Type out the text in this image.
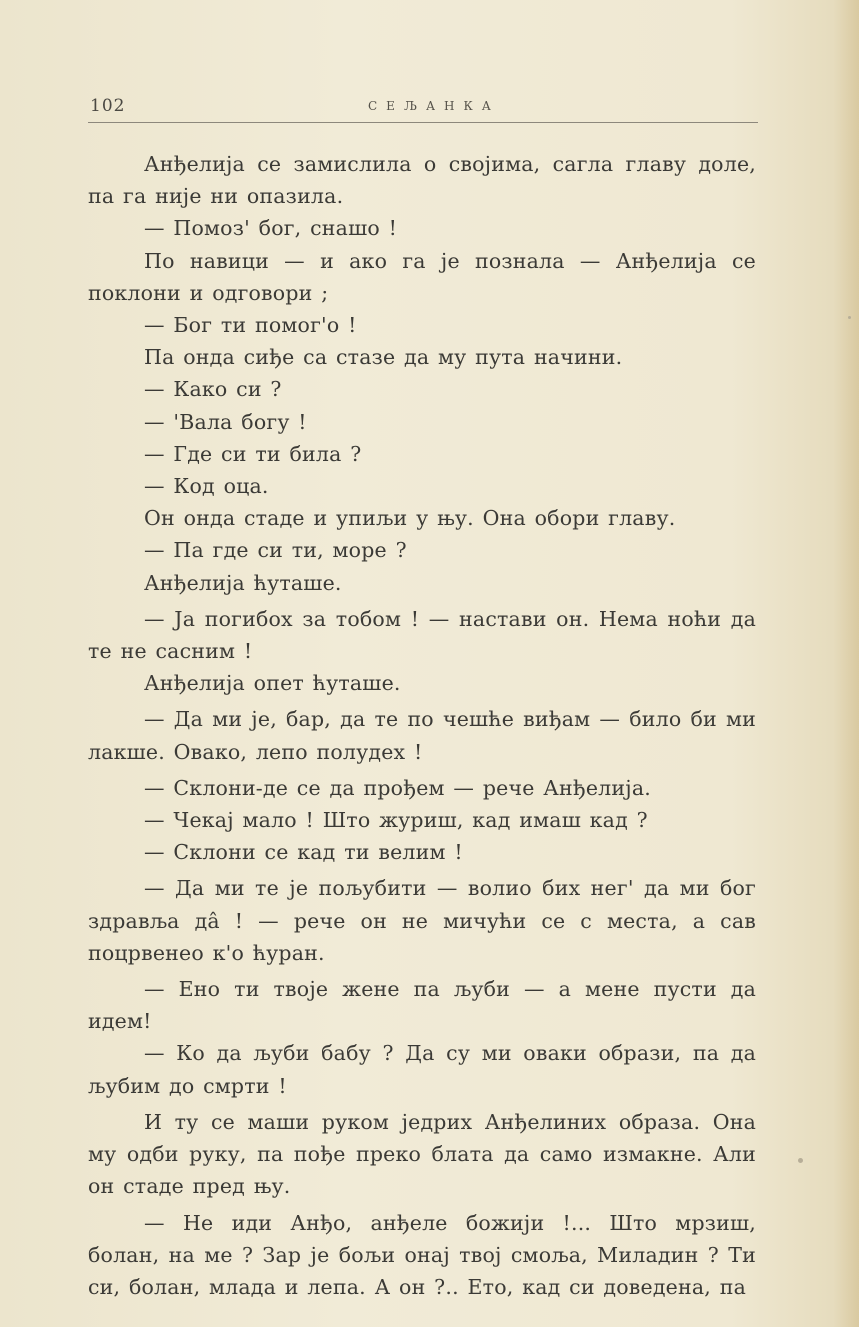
102	СЕЉАНКА

Анђелија се замислила о својима, сагла главу доле, па га није ни опазила.

— Помоз' бог, снашо !

По навици — и ако га је познала — Анђелија се поклони и одговори ;

— Бог ти помог'о !

Па онда сиђе са стазе да му пута начини.

— Како си ?

— 'Вала богу !

— Где си ти била ?

— Код оца.

Он онда стаде и упиљи у њу. Она обори главу.

— Па где си ти, море ?

Анђелија ћуташе.

— Ја погибох за тобом ! — настави он. Нема ноћи да те не сасним !

Анђелија опет ћуташе.

— Да ми је, бар, да те по чешће виђам — било би ми лакше. Овако, лепо полудех !

— Склони-де се да прођем — рече Анђелија.

— Чекај мало ! Што журиш, кад имаш кад ?

— Склони се кад ти велим !

— Да ми те је пољубити — волио бих нег' да ми бог здравља да̂ ! — рече он не мичући се с места, а сав поцрвенео к'о ћуран.

— Ено ти твоје жене па љуби — а мене пусти да идем!

— Ко да љуби бабу ? Да су ми оваки образи, па да љубим до смрти !

И ту се маши руком једрих Анђелиних образа. Она му одби руку, па пође преко блата да само измакне. Али он стаде пред њу.

— Не иди Анђо, анђеле божији !... Што мрзиш, болан, на ме ? Зар је бољи онај твој смоља, Миладин ? Ти си, болан, млада и лепа. А он ?.. Ето, кад си доведена, па
